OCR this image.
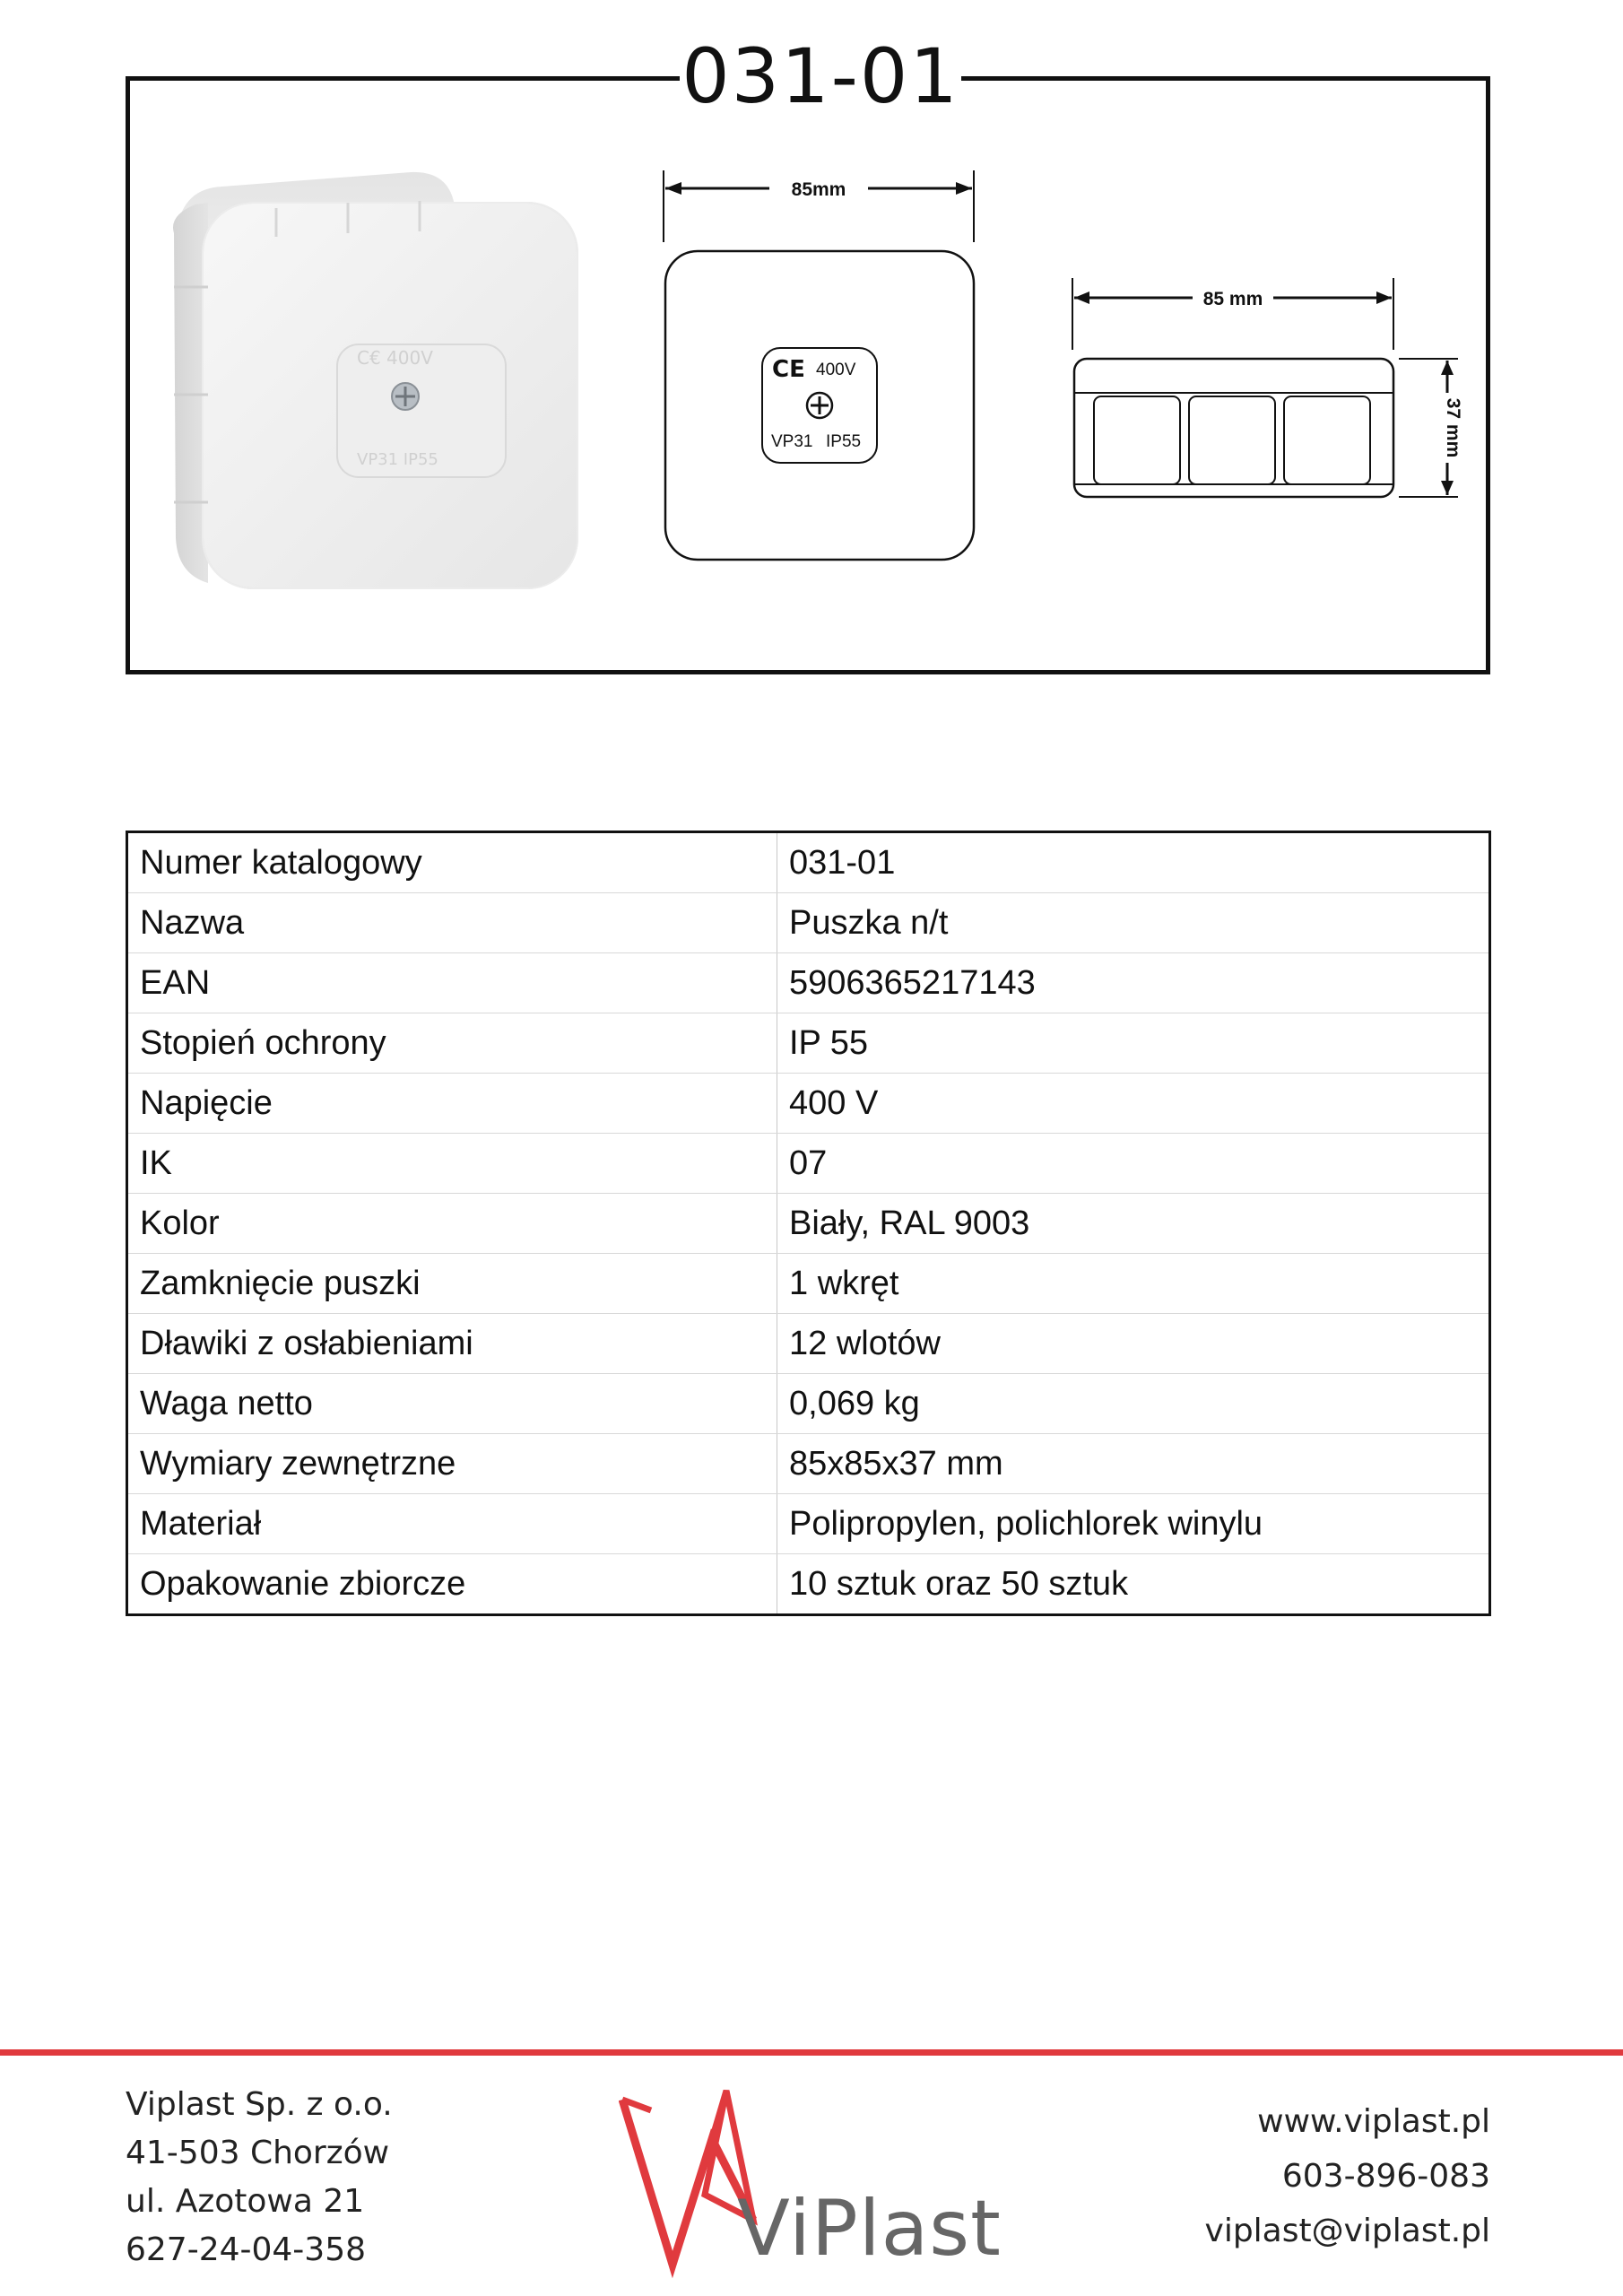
031-01
C€ 400V
VP31 IP55
85mm
CE 400V
VP31 IP55
85 mm
37 mm
Numer katalogowy	031-01
Nazwa	Puszka n/t
EAN	5906365217143
Stopień ochrony	IP 55
Napięcie	400 V
IK	07
Kolor	Biały, RAL 9003
Zamknięcie puszki	1 wkręt
Dławiki z osłabieniami	12 wlotów
Waga netto	0,069 kg
Wymiary zewnętrzne	85x85x37 mm
Materiał	Polipropylen, polichlorek winylu
Opakowanie zbiorcze	10 sztuk oraz 50 sztuk
Viplast Sp. z o.o.
41-503 Chorzów
ul. Azotowa 21
627-24-04-358	ViPlast
www.viplast.pl
603-896-083
viplast@viplast.pl
